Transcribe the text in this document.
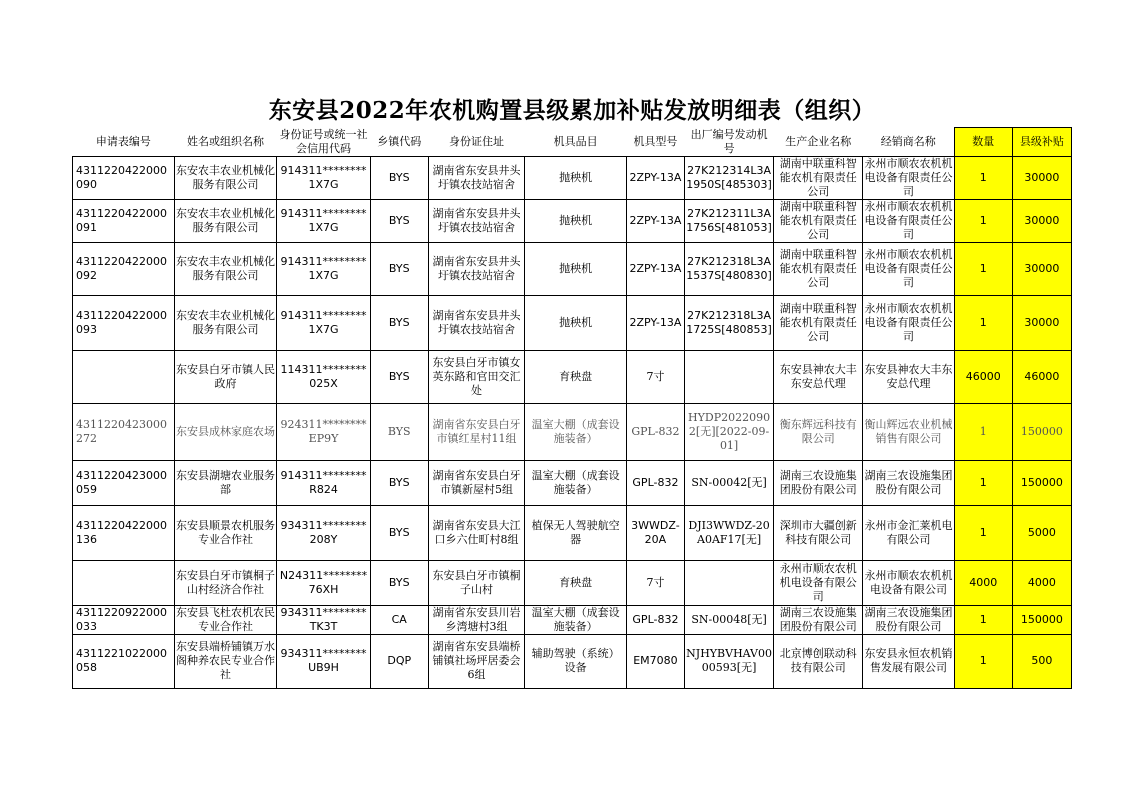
东安县2022年农机购置县级累加补贴发放明细表（组织）
申请表编号	姓名或组织名称	身份证号或统一社会信用代码	乡镇代码	身份证住址	机具品目	机具型号	出厂编号发动机号	生产企业名称	经销商名称	数量	县级补贴
4311220422000090	东安农丰农业机械化服务有限公司	914311********1X7G	BYS	湖南省东安县井头圩镇农技站宿舍	抛秧机	2ZPY-13A	27K212314L3A1950S[485303]	湖南中联重科智能农机有限责任公司	永州市顺农农机机电设备有限责任公司	1	30000
4311220422000091	东安农丰农业机械化服务有限公司	914311********1X7G	BYS	湖南省东安县井头圩镇农技站宿舍	抛秧机	2ZPY-13A	27K212311L3A1756S[481053]	湖南中联重科智能农机有限责任公司	永州市顺农农机机电设备有限责任公司	1	30000
4311220422000092	东安农丰农业机械化服务有限公司	914311********1X7G	BYS	湖南省东安县井头圩镇农技站宿舍	抛秧机	2ZPY-13A	27K212318L3A1537S[480830]	湖南中联重科智能农机有限责任公司	永州市顺农农机机电设备有限责任公司	1	30000
4311220422000093	东安农丰农业机械化服务有限公司	914311********1X7G	BYS	湖南省东安县井头圩镇农技站宿舍	抛秧机	2ZPY-13A	27K212318L3A1725S[480853]	湖南中联重科智能农机有限责任公司	永州市顺农农机机电设备有限责任公司	1	30000
	东安县白牙市镇人民政府	114311********025X	BYS	东安县白牙市镇女英东路和官田交汇处	育秧盘	7寸		东安县神农大丰东安总代理	东安县神农大丰东安总代理	46000	46000
4311220423000272	东安县成林家庭农场	924311********EP9Y	BYS	湖南省东安县白牙市镇红星村11组	温室大棚（成套设施装备）	GPL-832	HYDP20220902[无][2022-09-01]	衡东辉远科技有限公司	衡山辉远农业机械销售有限公司	1	150000
4311220423000059	东安县湖塘农业服务部	914311********R824	BYS	湖南省东安县白牙市镇新屋村5组	温室大棚（成套设施装备）	GPL-832	SN-00042[无]	湖南三农设施集团股份有限公司	湖南三农设施集团股份有限公司	1	150000
4311220422000136	东安县顺景农机服务专业合作社	934311********208Y	BYS	湖南省东安县大江口乡六仕町村8组	植保无人驾驶航空器	3WWDZ-20A	DJI3WWDZ-20A0AF17[无]	深圳市大疆创新科技有限公司	永州市金汇莱机电有限公司	1	5000
	东安县白牙市镇桐子山村经济合作社	N24311********76XH	BYS	东安县白牙市镇桐子山村	育秧盘	7寸		永州市顺农农机机电设备有限公司	永州市顺农农机机电设备有限公司	4000	4000
4311220922000033	东安县飞杜农机农民专业合作社	934311********TK3T	CA	湖南省东安县川岩乡湾塘村3组	温室大棚（成套设施装备）	GPL-832	SN-00048[无]	湖南三农设施集团股份有限公司	湖南三农设施集团股份有限公司	1	150000
4311221022000058	东安县端桥铺镇万水阁种养农民专业合作社	934311********UB9H	DQP	湖南省东安县端桥铺镇社场坪居委会6组	辅助驾驶（系统）设备	EM7080	NJHYBVHAV0000593[无]	北京博创联动科技有限公司	东安县永恒农机销售发展有限公司	1	500
